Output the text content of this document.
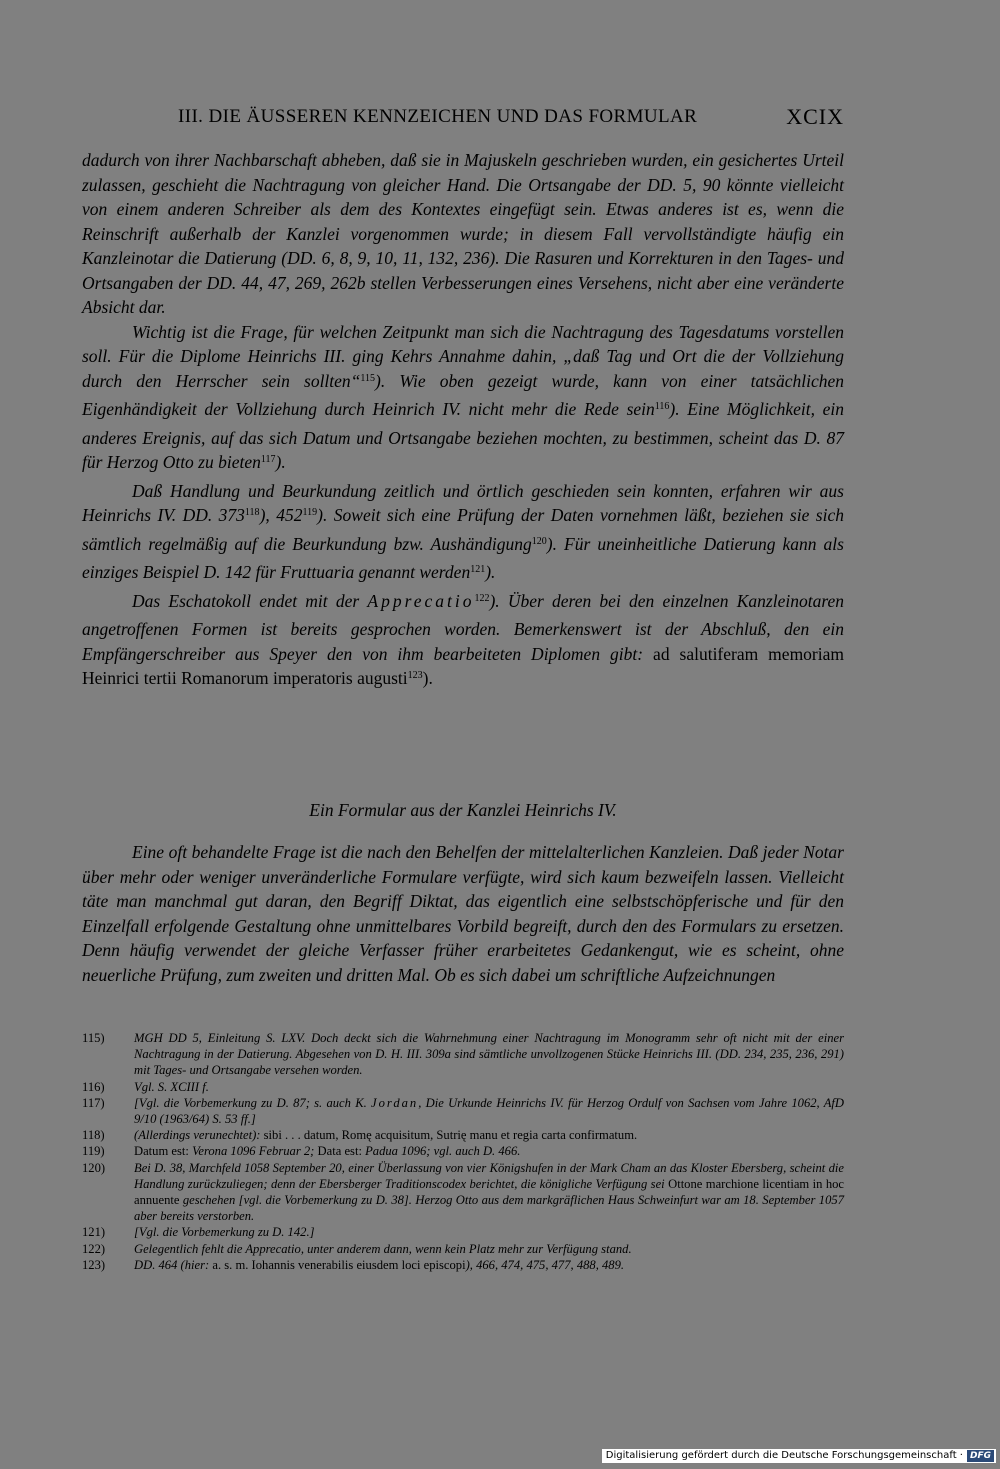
III. DIE ÄUSSEREN KENNZEICHEN UND DAS FORMULAR	XCIX

dadurch von ihrer Nachbarschaft abheben, daß sie in Majuskeln geschrieben wurden, ein gesichertes Urteil zulassen, geschieht die Nachtragung von gleicher Hand. Die Ortsangabe der DD. 5, 90 könnte vielleicht von einem anderen Schreiber als dem des Kontextes eingefügt sein. Etwas anderes ist es, wenn die Reinschrift außerhalb der Kanzlei vorgenommen wurde; in diesem Fall vervollständigte häufig ein Kanzleinotar die Datierung (DD. 6, 8, 9, 10, 11, 132, 236). Die Rasuren und Korrekturen in den Tages- und Ortsangaben der DD. 44, 47, 269, 262b stellen Verbesserungen eines Versehens, nicht aber eine veränderte Absicht dar.

Wichtig ist die Frage, für welchen Zeitpunkt man sich die Nachtragung des Tagesdatums vorstellen soll. Für die Diplome Heinrichs III. ging Kehrs Annahme dahin, „daß Tag und Ort die der Vollziehung durch den Herrscher sein sollten“$^{115}$). Wie oben gezeigt wurde, kann von einer tatsächlichen Eigenhändigkeit der Vollziehung durch Heinrich IV. nicht mehr die Rede sein$^{116}$). Eine Möglichkeit, ein anderes Ereignis, auf das sich Datum und Ortsangabe beziehen mochten, zu bestimmen, scheint das D. 87 für Herzog Otto zu bieten$^{117}$).

Daß Handlung und Beurkundung zeitlich und örtlich geschieden sein konnten, erfahren wir aus Heinrichs IV. DD. $373^{118}$), $452^{119}$). Soweit sich eine Prüfung der Daten vornehmen läßt, beziehen sie sich sämtlich regelmäßig auf die Beurkundung bzw. Aushändigung$^{120}$). Für uneinheitliche Datierung kann als einziges Beispiel D. 142 für Fruttuaria genannt werden$^{121}$).

Das Eschatokoll endet mit der Apprecatio$^{122}$). Über deren bei den einzelnen Kanzleinotaren angetroffenen Formen ist bereits gesprochen worden. Bemerkenswert ist der Abschluß, den ein Empfängerschreiber aus Speyer den von ihm bearbeiteten Diplomen gibt: ad salutiferam memoriam Heinrici tertii Romanorum imperatoris augusti$^{123}$).

Ein Formular aus der Kanzlei Heinrichs IV.

Eine oft behandelte Frage ist die nach den Behelfen der mittelalterlichen Kanzleien. Daß jeder Notar über mehr oder weniger unveränderliche Formulare verfügte, wird sich kaum bezweifeln lassen. Vielleicht täte man manchmal gut daran, den Begriff Diktat, das eigentlich eine selbstschöpferische und für den Einzelfall erfolgende Gestaltung ohne unmittelbares Vorbild begreift, durch den des Formulars zu ersetzen. Denn häufig verwendet der gleiche Verfasser früher erarbeitetes Gedankengut, wie es scheint, ohne neuerliche Prüfung, zum zweiten und dritten Mal. Ob es sich dabei um schriftliche Aufzeichnungen

115) MGH DD 5, Einleitung S. LXV. Doch deckt sich die Wahrnehmung einer Nachtragung im Monogramm sehr oft nicht mit der einer Nachtragung in der Datierung. Abgesehen von D. H. III. 309a sind sämtliche unvollzogenen Stücke Heinrichs III. (DD. 234, 235, 236, 291) mit Tages- und Ortsangabe versehen worden.

116) Vgl. S. XCIII f.

117) [Vgl. die Vorbemerkung zu D. 87; s. auch K. Jordan, Die Urkunde Heinrichs IV. für Herzog Ordulf von Sachsen vom Jahre 1062, AfD 9/10 (1963/64) S. 53 ff.]

118) (Allerdings verunechtet): sibi . . . datum, Romę acquisitum, Sutrię manu et regia carta confirmatum.

119) Datum est: Verona 1096 Februar 2; Data est: Padua 1096; vgl. auch D. 466.

120) Bei D. 38, Marchfeld 1058 September 20, einer Überlassung von vier Königshufen in der Mark Cham an das Kloster Ebersberg, scheint die Handlung zurückzuliegen; denn der Ebersberger Traditionscodex berichtet, die königliche Verfügung sei Ottone marchione licentiam in hoc annuente geschehen [vgl. die Vorbemerkung zu D. 38]. Herzog Otto aus dem markgräflichen Haus Schweinfurt war am 18. September 1057 aber bereits verstorben.

121) [Vgl. die Vorbemerkung zu D. 142.]

122) Gelegentlich fehlt die Apprecatio, unter anderem dann, wenn kein Platz mehr zur Verfügung stand.

123) DD. 464 (hier: a. s. m. Iohannis venerabilis eiusdem loci episcopi), 466, 474, 475, 477, 488, 489.

Digitalisierung gefördert durch die Deutsche Forschungsgemeinschaft · DFG
